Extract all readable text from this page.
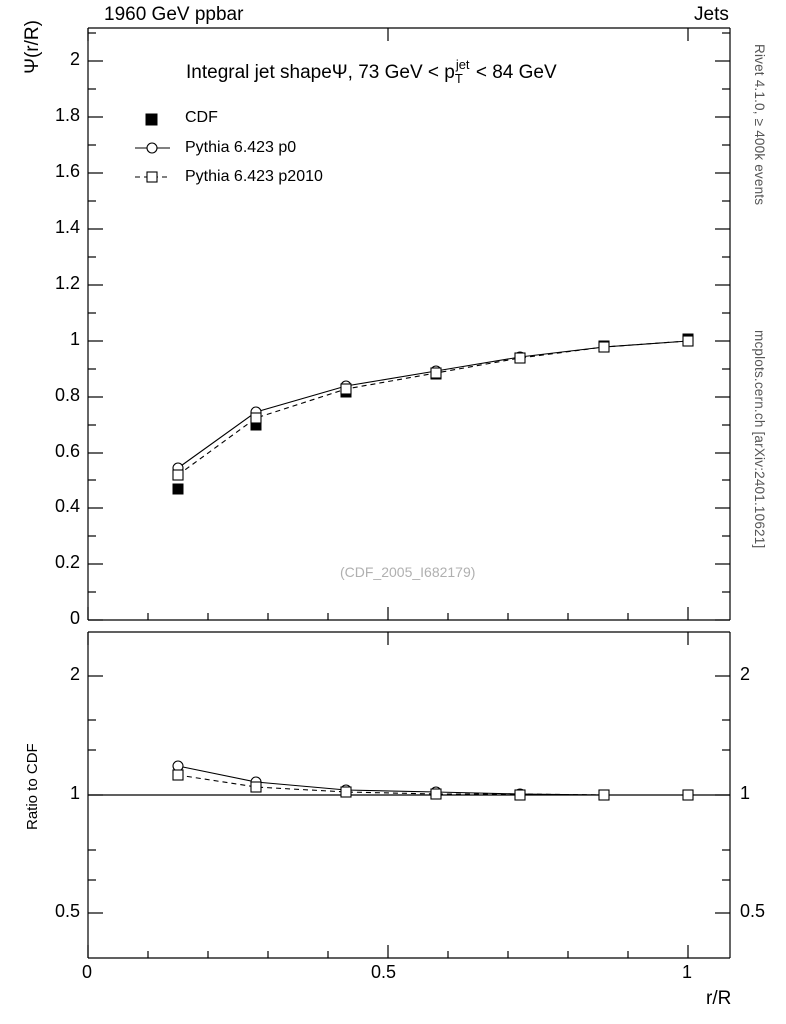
1960 GeV ppbar	Jets
Rivet 4.1.0, ≥ 400k events
mcplots.cern.ch [arXiv:2401.10621]
Ψ(r/R)
Ratio to CDF
r/R
(CDF_2005_I682179)
Integral jet shapeΨ, 73 GeV < $p_T^{jet} < 84$ GeV
CDF
Pythia 6.423 p0
Pythia 6.423 p2010
0
0.2
0.4
0.6
0.8
1
1.2
1.4
1.6
1.8
2
2
1
0.5
2
1
0.5
0	0.5	1
